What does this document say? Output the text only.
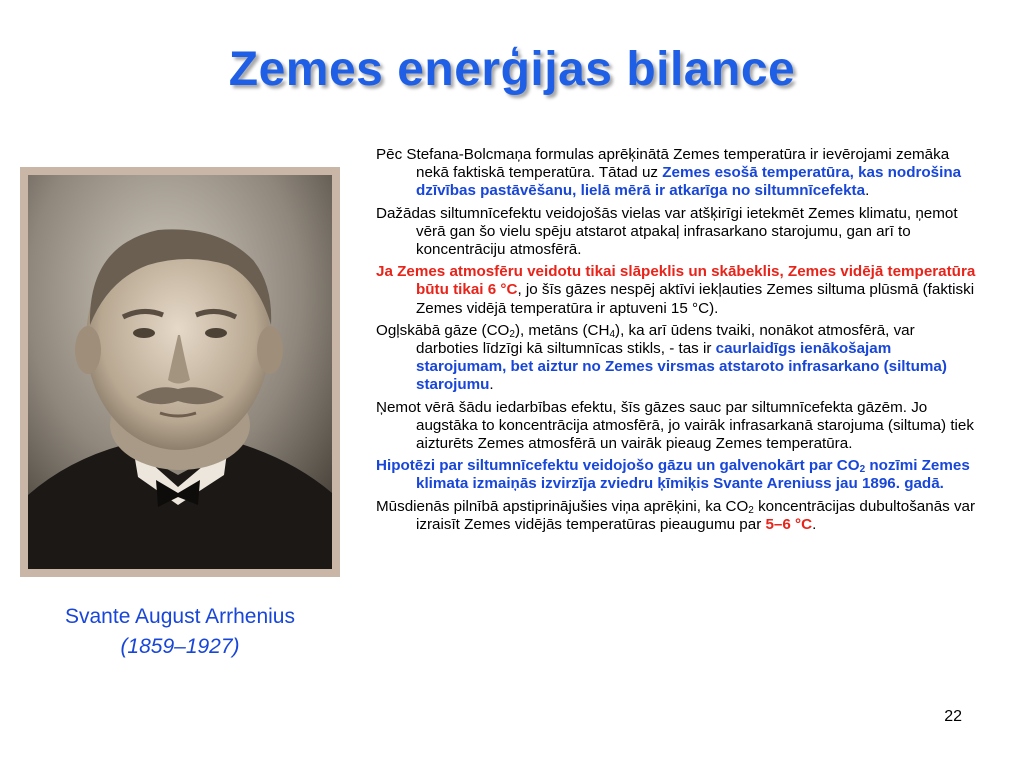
Zemes enerģijas bilance
Svante August Arrhenius
(1859–1927)

Pēc Stefana-Bolcmaņa formulas aprēķinātā Zemes temperatūra ir ievērojami zemāka nekā faktiskā temperatūra. Tātad uz Zemes esošā temperatūra, kas nodrošina dzīvības pastāvēšanu, lielā mērā ir atkarīga no siltumnīcefekta.

Dažādas siltumnīcefektu veidojošās vielas var atšķirīgi ietekmēt Zemes klimatu, ņemot vērā gan šo vielu spēju atstarot atpakaļ infrasarkano starojumu, gan arī to koncentrāciju atmosfērā.

Ja Zemes atmosfēru veidotu tikai slāpeklis un skābeklis, Zemes vidējā temperatūra būtu tikai 6 °C, jo šīs gāzes nespēj aktīvi iekļauties Zemes siltuma plūsmā (faktiski Zemes vidējā temperatūra ir aptuveni 15 °C).

Ogļskābā gāze $(CO_2)$, metāns $(CH_4)$, ka arī ūdens tvaiki, nonākot atmosfērā, var darboties līdzīgi kā siltumnīcas stikls, - tas ir caurlaidīgs ienākošajam starojumam, bet aiztur no Zemes virsmas atstaroto infrasarkano (siltuma) starojumu.

Ņemot vērā šādu iedarbības efektu, šīs gāzes sauc par siltumnīcefekta gāzēm. Jo augstāka to koncentrācija atmosfērā, jo vairāk infrasarkanā starojuma (siltuma) tiek aizturēts Zemes atmosfērā un vairāk pieaug Zemes temperatūra.

Hipotēzi par siltumnīcefektu veidojošo gāzu un galvenokārt par $CO_2$ nozīmi Zemes klimata izmaiņās izvirzīja zviedru ķīmiķis Svante Areniuss jau 1896. gadā.

Mūsdienās pilnībā apstiprinājušies viņa aprēķini, ka $CO_2$ koncentrācijas dubultošanās var izraisīt Zemes vidējās temperatūras pieaugumu par 5–6 °C.

22
